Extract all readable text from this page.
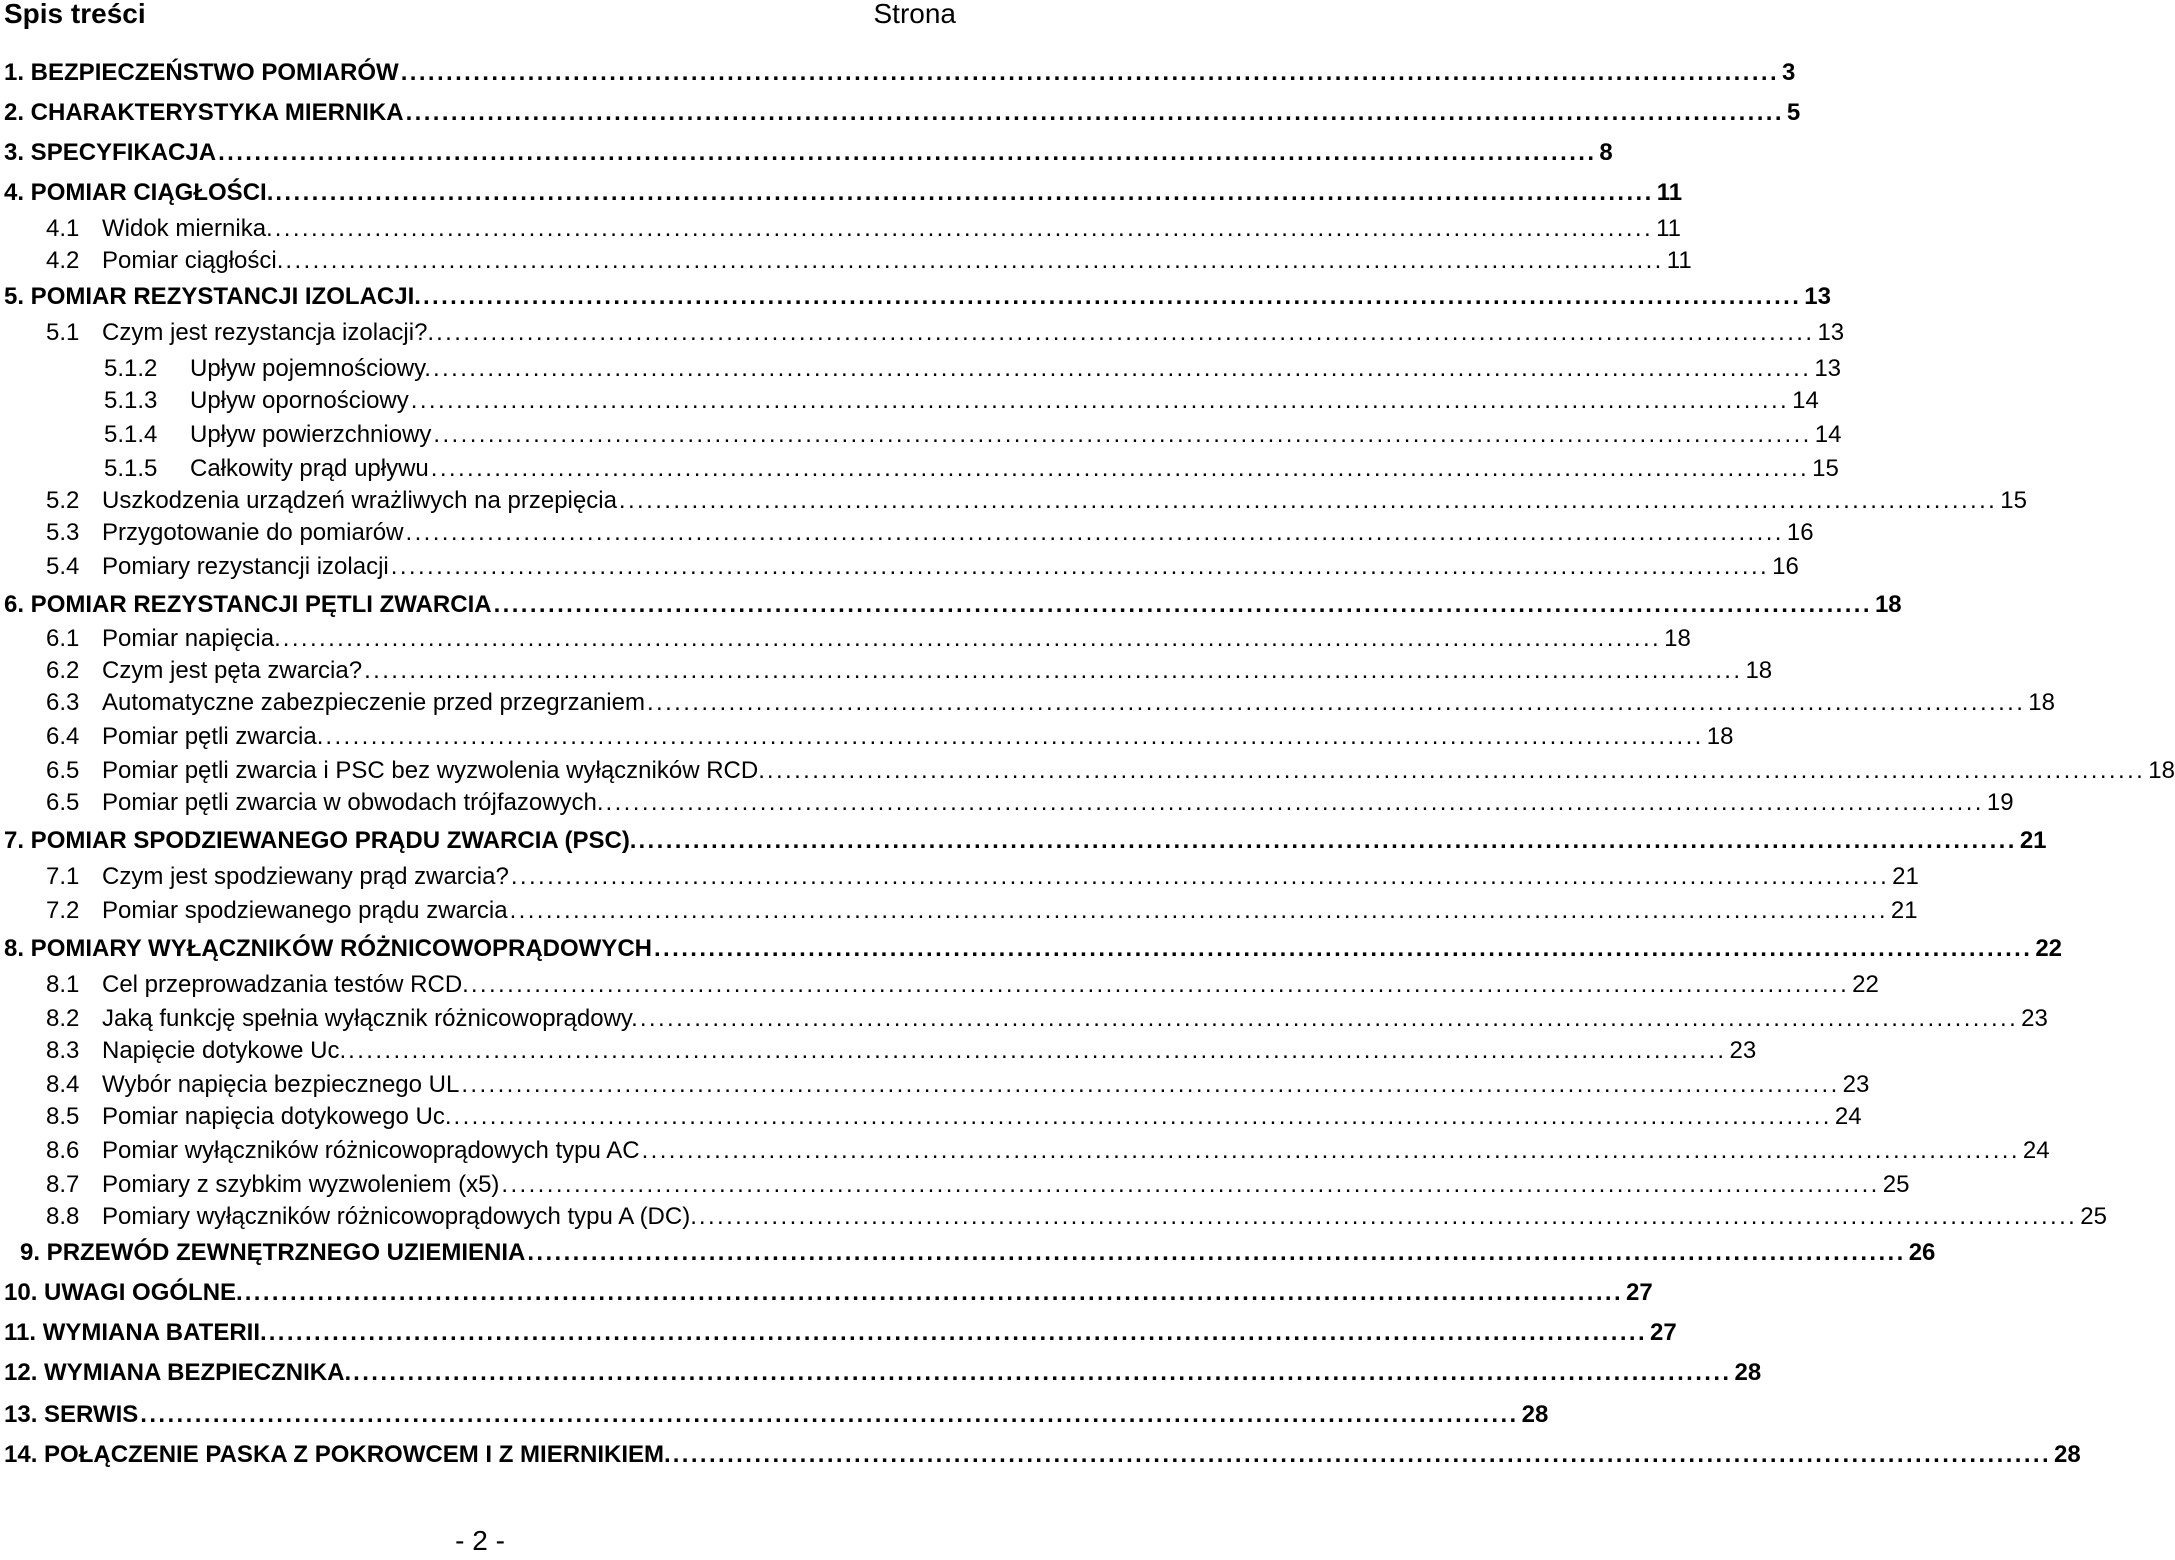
Spis treści	Strona
1. BEZPIECZEŃSTWO POMIARÓW ........................................................................................................................................................ 3
2. CHARAKTERYSTYKA MIERNIKA ........................................................................................................................................................ 5
3. SPECYFIKACJA ........................................................................................................................................................ 8
4. POMIAR CIĄGŁOŚCI. ........................................................................................................................................................ 11
4.1 Widok miernika. ........................................................................................................................................................ 11
4.2 Pomiar ciągłości. ........................................................................................................................................................ 11
5. POMIAR REZYSTANCJI IZOLACJI. ........................................................................................................................................................ 13
5.1 Czym jest rezystancja izolacji?. ........................................................................................................................................................ 13
5.1.2	Upływ pojemnościowy. ........................................................................................................................................................ 13
5.1.3	Upływ opornościowy ........................................................................................................................................................ 14
5.1.4	Upływ powierzchniowy ........................................................................................................................................................ 14
5.1.5	Całkowity prąd upływu ........................................................................................................................................................ 15
5.2 Uszkodzenia urządzeń wrażliwych na przepięcia ........................................................................................................................................................ 15
5.3 Przygotowanie do pomiarów ........................................................................................................................................................ 16
5.4 Pomiary rezystancji izolacji ........................................................................................................................................................ 16
6. POMIAR REZYSTANCJI PĘTLI ZWARCIA ........................................................................................................................................................ 18
6.1 Pomiar napięcia. ........................................................................................................................................................ 18
6.2 Czym jest pęta zwarcia? ........................................................................................................................................................ 18
6.3 Automatyczne zabezpieczenie przed przegrzaniem ........................................................................................................................................................ 18
6.4 Pomiar pętli zwarcia. ........................................................................................................................................................ 18
6.5 Pomiar pętli zwarcia i PSC bez wyzwolenia wyłączników RCD. ........................................................................................................................................................ 18
6.5 Pomiar pętli zwarcia w obwodach trójfazowych. ........................................................................................................................................................ 19
7. POMIAR SPODZIEWANEGO PRĄDU ZWARCIA (PSC). ........................................................................................................................................................ 21
7.1 Czym jest spodziewany prąd zwarcia? ........................................................................................................................................................ 21
7.2 Pomiar spodziewanego prądu zwarcia ........................................................................................................................................................ 21
8. POMIARY WYŁĄCZNIKÓW RÓŻNICOWOPRĄDOWYCH ........................................................................................................................................................ 22
8.1 Cel przeprowadzania testów RCD. ........................................................................................................................................................ 22
8.2 Jaką funkcję spełnia wyłącznik różnicowoprądowy. ........................................................................................................................................................ 23
8.3 Napięcie dotykowe Uc. ........................................................................................................................................................ 23
8.4 Wybór napięcia bezpiecznego UL ........................................................................................................................................................ 23
8.5 Pomiar napięcia dotykowego Uc. ........................................................................................................................................................ 24
8.6 Pomiar wyłączników różnicowoprądowych typu AC ........................................................................................................................................................ 24
8.7 Pomiary z szybkim wyzwoleniem (x5) ........................................................................................................................................................ 25
8.8 Pomiary wyłączników różnicowoprądowych typu A (DC). ........................................................................................................................................................ 25
9. PRZEWÓD ZEWNĘTRZNEGO UZIEMIENIA ........................................................................................................................................................ 26
10. UWAGI OGÓLNE. ........................................................................................................................................................ 27
11. WYMIANA BATERII. ........................................................................................................................................................ 27
12. WYMIANA BEZPIECZNIKA. ........................................................................................................................................................ 28
13. SERWIS ........................................................................................................................................................ 28
14. POŁĄCZENIE PASKA Z POKROWCEM I Z MIERNIKIEM. ........................................................................................................................................................ 28
- 2 -
